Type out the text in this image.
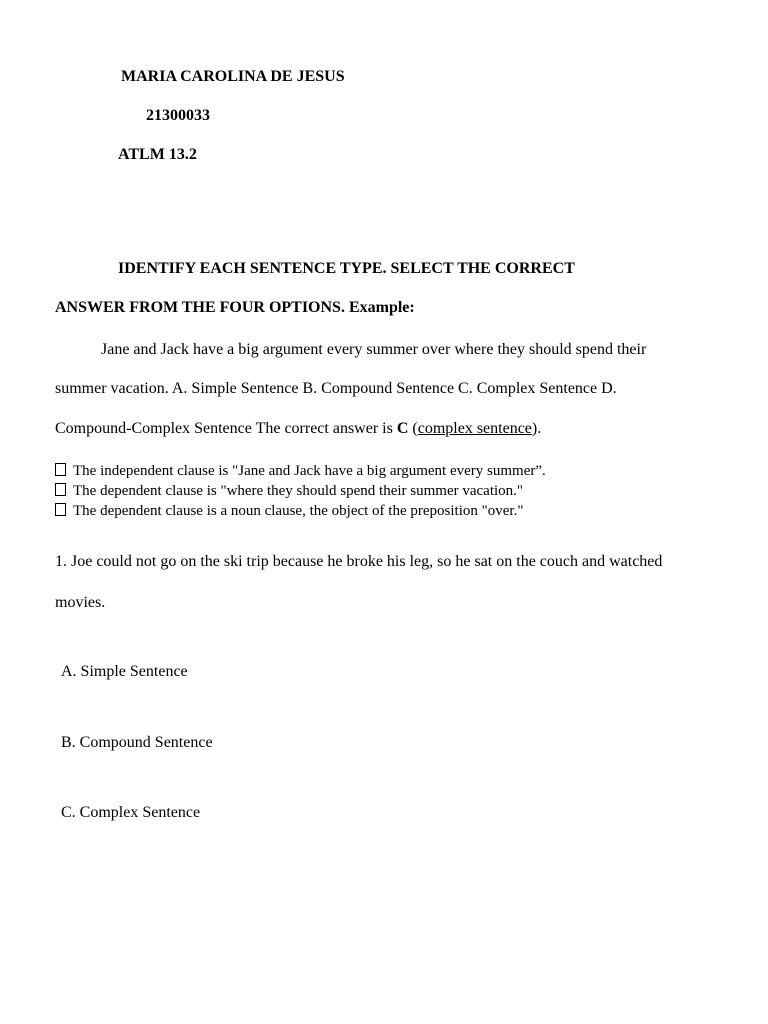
MARIA CAROLINA DE JESUS

21300033

ATLM 13.2

IDENTIFY EACH SENTENCE TYPE. SELECT THE CORRECT

ANSWER FROM THE FOUR OPTIONS. Example:

Jane and Jack have a big argument every summer over where they should spend their

summer vacation. A. Simple Sentence B. Compound Sentence C. Complex Sentence D.

Compound-Complex Sentence The correct answer is C (complex sentence).

The independent clause is "Jane and Jack have a big argument every summer”.
The dependent clause is "where they should spend their summer vacation."
The dependent clause is a noun clause, the object of the preposition "over."

1. Joe could not go on the ski trip because he broke his leg, so he sat on the couch and watched

movies.

A. Simple Sentence

B. Compound Sentence

C. Complex Sentence
